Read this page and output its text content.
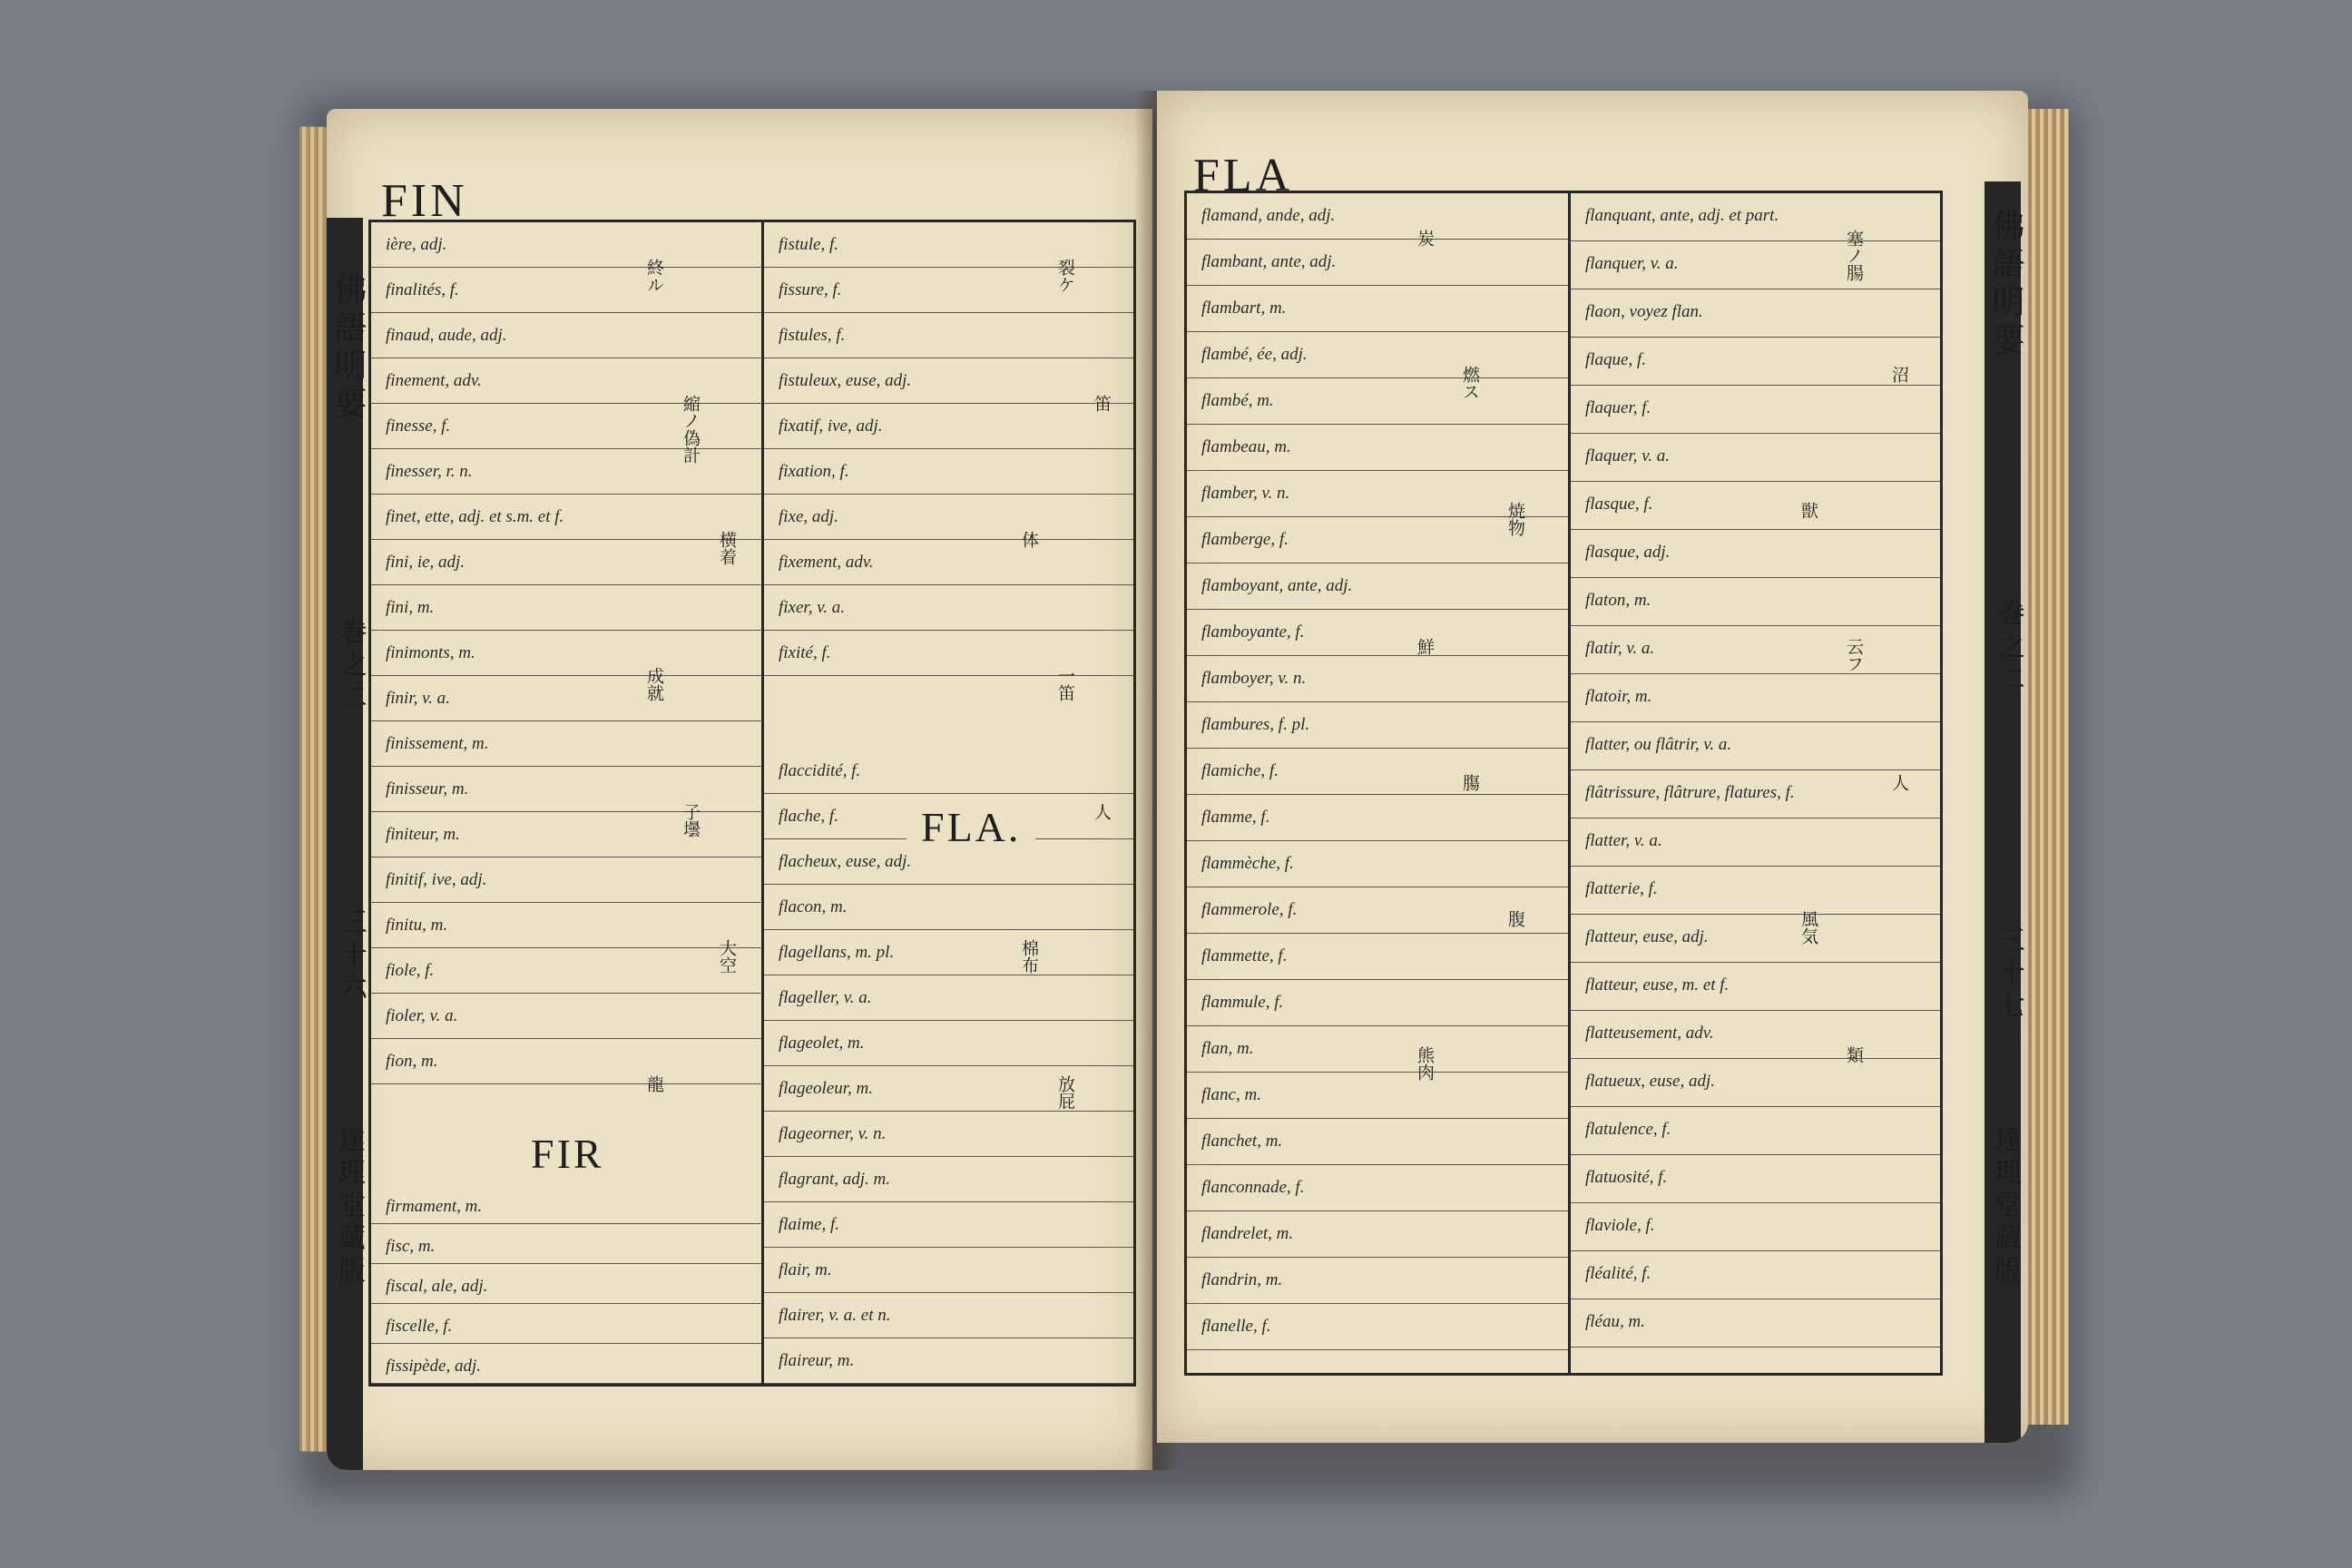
FIN
佛語明要
巻之二
三十六
達理堂蔵版
ière, adj.
finalités, f.
finaud, aude, adj.
finement, adv.
finesse, f.
finesser, r. n.
finet, ette, adj. et s.m. et f.
fini, ie, adj.
fini, m.
finimonts, m.
finir, v. a.
finissement, m.
finisseur, m.
finiteur, m.
finitif, ive, adj.
finitu, m.
fiole, f.
fioler, v. a.
fion, m.
終ル
縮ノ偽計
横着
成就
子壜
大空
龍
firmament, m.
fisc, m.
fiscal, ale, adj.
fiscelle, f.
fissipède, adj.
fistule, f.
fissure, f.
fistules, f.
fistuleux, euse, adj.
fixatif, ive, adj.
fixation, f.
fixe, adj.
fixement, adv.
fixer, v. a.
fixité, f.
裂ケ
笛
体
一笛
人
棉布
放屁
flaccidité, f.
flache, f.
flacheux, euse, adj.
flacon, m.
flagellans, m. pl.
flageller, v. a.
flageolet, m.
flageoleur, m.
flageorner, v. n.
flagrant, adj. m.
flaime, f.
flair, m.
flairer, v. a. et n.
flaireur, m.
FIR
FLA.
FLA
flamand, ande, adj.
flambant, ante, adj.
flambart, m.
flambé, ée, adj.
flambé, m.
flambeau, m.
flamber, v. n.
flamberge, f.
flamboyant, ante, adj.
flamboyante, f.
flamboyer, v. n.
flambures, f. pl.
flamiche, f.
flamme, f.
flammèche, f.
flammerole, f.
flammette, f.
flammule, f.
flan, m.
flanc, m.
flanchet, m.
flanconnade, f.
flandrelet, m.
flandrin, m.
flanelle, f.
炭
燃ス
焼物
鮮
膓
腹
熊肉
flanquant, ante, adj. et part.
flanquer, v. a.
flaon, voyez flan.
flaque, f.
flaquer, f.
flaquer, v. a.
flasque, f.
flasque, adj.
flaton, m.
flatir, v. a.
flatoir, m.
flatter, ou flâtrir, v. a.
flâtrissure, flâtrure, flatures, f.
flatter, v. a.
flatterie, f.
flatteur, euse, adj.
flatteur, euse, m. et f.
flatteusement, adv.
flatueux, euse, adj.
flatulence, f.
flatuosité, f.
flaviole, f.
fléalité, f.
fléau, m.
塞ノ腸
沼
獣
云フ
人
風気
類
佛語明要
巻之二
三十七
達理堂蔵版
